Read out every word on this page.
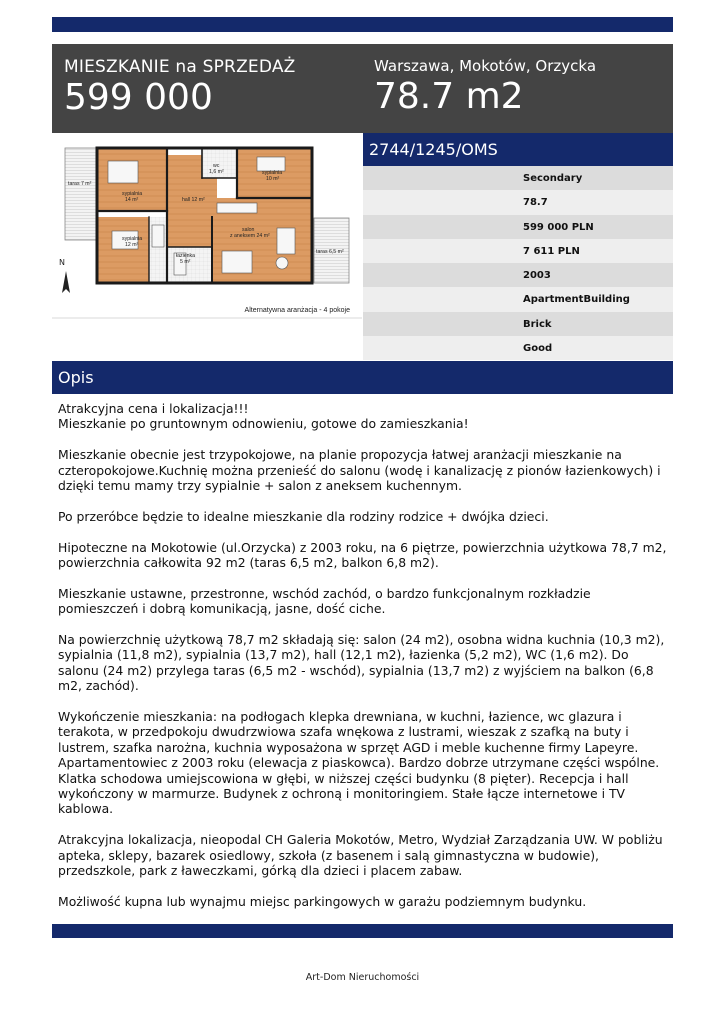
MIESZKANIE na SPRZEDAŻ
599 000
Warszawa, Mokotów, Orzycka
78.7 m2
taras 7 m²
sypialnia
14 m²
wc
1,6 m²	sypialnia
10 m²
hall 12 m²
sypialnia
12 m²
salon
z aneksem 24 m²
łazienka
5 m²
taras 6,5 m²
N
Alternatywna aranżacja - 4 pokoje
2744/1245/OMS
Secondary
78.7
599 000 PLN
7 611 PLN
2003
ApartmentBuilding
Brick
Good
Opis

Atrakcyjna cena i lokalizacja!!!
Mieszkanie po gruntownym odnowieniu, gotowe do zamieszkania!

Mieszkanie obecnie jest trzypokojowe, na planie propozycja łatwej aranżacji mieszkanie na czteropokojowe.Kuchnię można przenieść do salonu (wodę i kanalizację z pionów łazienkowych) i dzięki temu mamy trzy sypialnie + salon z aneksem kuchennym.

Po przeróbce będzie to idealne mieszkanie dla rodziny rodzice + dwójka dzieci.

Hipoteczne na Mokotowie (ul.Orzycka) z 2003 roku, na 6 piętrze, powierzchnia użytkowa 78,7 m2, powierzchnia całkowita 92 m2 (taras 6,5 m2, balkon 6,8 m2).

Mieszkanie ustawne, przestronne, wschód zachód, o bardzo funkcjonalnym rozkładzie pomieszczeń i dobrą komunikacją, jasne, dość ciche.

Na powierzchnię użytkową 78,7 m2 składają się: salon (24 m2), osobna widna kuchnia (10,3 m2), sypialnia (11,8 m2), sypialnia (13,7 m2), hall (12,1 m2), łazienka (5,2 m2), WC (1,6 m2). Do salonu (24 m2) przylega taras (6,5 m2 - wschód), sypialnia (13,7 m2) z wyjściem na balkon (6,8 m2, zachód).

Wykończenie mieszkania: na podłogach klepka drewniana, w kuchni, łazience, wc glazura i terakota, w przedpokoju dwudrzwiowa szafa wnękowa z lustrami, wieszak z szafką na buty i lustrem, szafka narożna, kuchnia wyposażona w sprzęt AGD i meble kuchenne firmy Lapeyre. Apartamentowiec z 2003 roku (elewacja z piaskowca). Bardzo dobrze utrzymane części wspólne. Klatka schodowa umiejscowiona w głębi, w niższej części budynku (8 pięter). Recepcja i hall wykończony w marmurze. Budynek z ochroną i monitoringiem. Stałe łącze internetowe i TV kablowa.

Atrakcyjna lokalizacja, nieopodal CH Galeria Mokotów, Metro, Wydział Zarządzania UW. W pobliżu apteka, sklepy, bazarek osiedlowy, szkoła (z basenem i salą gimnastyczna w budowie), przedszkole, park z ławeczkami, górką dla dzieci i placem zabaw.

Możliwość kupna lub wynajmu miejsc parkingowych w garażu podziemnym budynku.

Art-Dom Nieruchomości
